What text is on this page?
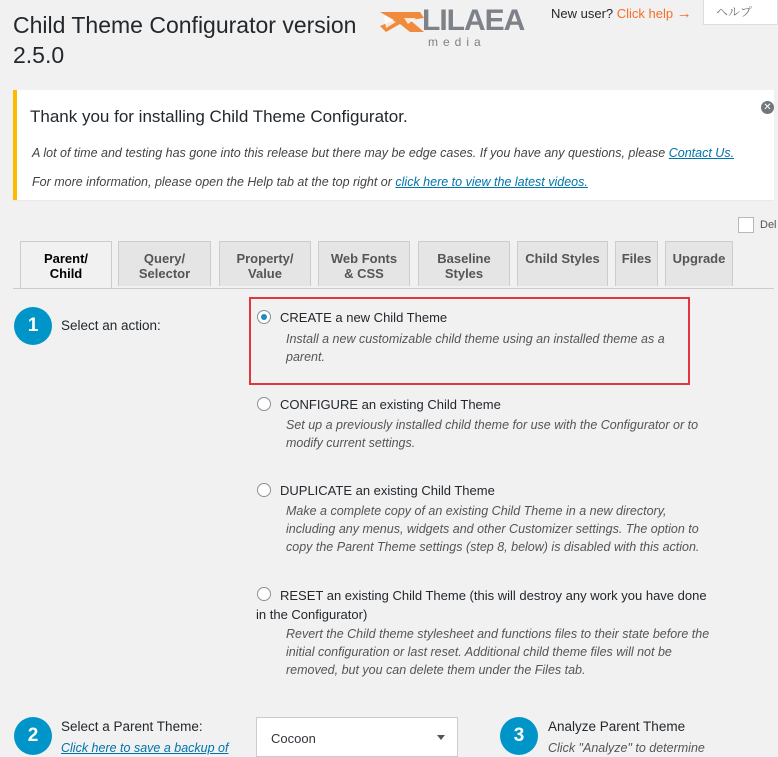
Child Theme Configurator version 2.5.0
LILAEA
media
New user? Click help →	ヘルプ
Thank you for installing Child Theme Configurator.

A lot of time and testing has gone into this release but there may be edge cases. If you have any questions, please Contact Us.

For more information, please open the Help tab at the top right or click here to view the latest videos.

✕
Del
Parent/ Child
Query/ Selector
Property/ Value
Web Fonts & CSS
Baseline Styles
Child Styles	Files	Upgrade
1	Select an action:
CREATE a new Child Theme
Install a new customizable child theme using an installed theme as a parent.
CONFIGURE an existing Child Theme
Set up a previously installed child theme for use with the Configurator or to modify current settings.
DUPLICATE an existing Child Theme
Make a complete copy of an existing Child Theme in a new directory, including any menus, widgets and other Customizer settings. The option to copy the Parent Theme settings (step 8, below) is disabled with this action.
RESET an existing Child Theme (this will destroy any work you have done in the Configurator)
Revert the Child theme stylesheet and functions files to their state before the initial configuration or last reset. Additional child theme files will not be removed, but you can delete them under the Files tab.
2	Select a Parent Theme:
Click here to save a backup of
Cocoon	3	Analyze Parent Theme
Click "Analyze" to determine
